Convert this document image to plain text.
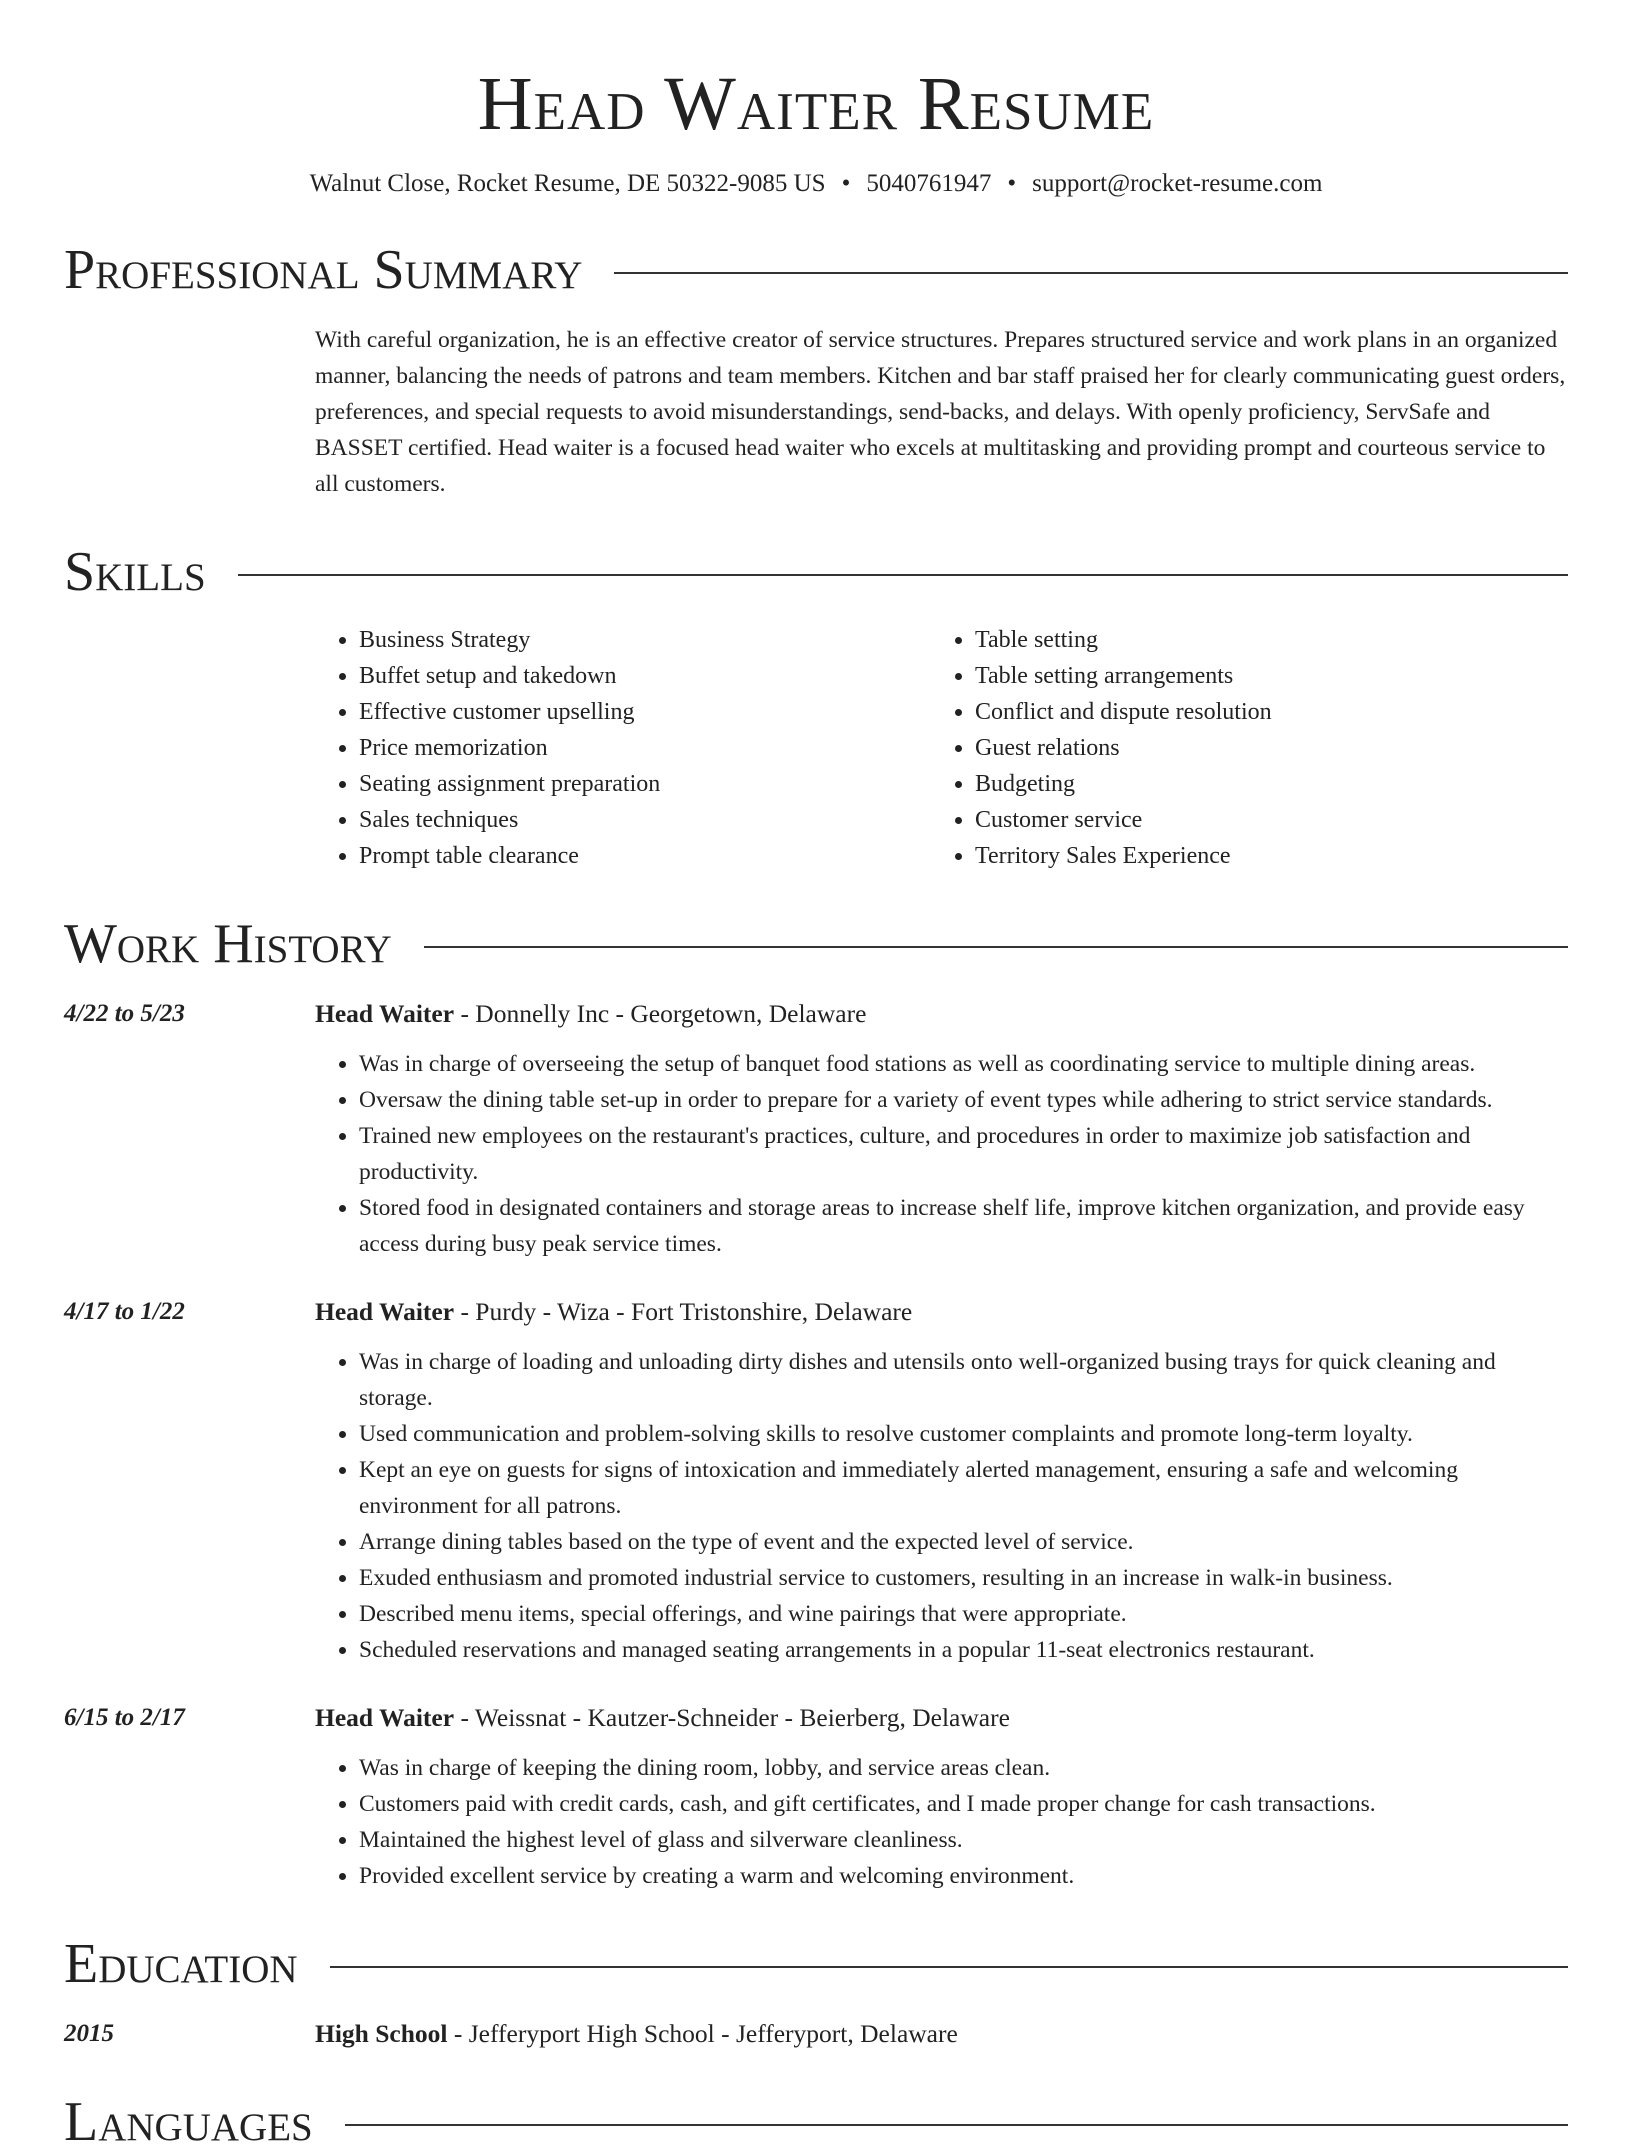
Head Waiter Resume
Walnut Close, Rocket Resume, DE 50322-9085 US • 5040761947 • support@rocket-resume.com
Professional Summary

With careful organization, he is an effective creator of service structures. Prepares structured service and work plans in an organized manner, balancing the needs of patrons and team members. Kitchen and bar staff praised her for clearly communicating guest orders, preferences, and special requests to avoid misunderstandings, send-backs, and delays. With openly proficiency, ServSafe and BASSET certified. Head waiter is a focused head waiter who excels at multitasking and providing prompt and courteous service to all customers.

Skills
• Business Strategy
• Buffet setup and takedown
• Effective customer upselling
• Price memorization
• Seating assignment preparation
• Sales techniques
• Prompt table clearance
• Table setting
• Table setting arrangements
• Conflict and dispute resolution
• Guest relations
• Budgeting
• Customer service
• Territory Sales Experience
Work History
4/22 to 5/23	Head Waiter - Donnelly Inc - Georgetown, Delaware
• Was in charge of overseeing the setup of banquet food stations as well as coordinating service to multiple dining areas.
• Oversaw the dining table set-up in order to prepare for a variety of event types while adhering to strict service standards.
• Trained new employees on the restaurant's practices, culture, and procedures in order to maximize job satisfaction and productivity.
• Stored food in designated containers and storage areas to increase shelf life, improve kitchen organization, and provide easy access during busy peak service times.
4/17 to 1/22	Head Waiter - Purdy - Wiza - Fort Tristonshire, Delaware
• Was in charge of loading and unloading dirty dishes and utensils onto well-organized busing trays for quick cleaning and storage.
• Used communication and problem-solving skills to resolve customer complaints and promote long-term loyalty.
• Kept an eye on guests for signs of intoxication and immediately alerted management, ensuring a safe and welcoming environment for all patrons.
• Arrange dining tables based on the type of event and the expected level of service.
• Exuded enthusiasm and promoted industrial service to customers, resulting in an increase in walk-in business.
• Described menu items, special offerings, and wine pairings that were appropriate.
• Scheduled reservations and managed seating arrangements in a popular 11-seat electronics restaurant.
6/15 to 2/17	Head Waiter - Weissnat - Kautzer-Schneider - Beierberg, Delaware
• Was in charge of keeping the dining room, lobby, and service areas clean.
• Customers paid with credit cards, cash, and gift certificates, and I made proper change for cash transactions.
• Maintained the highest level of glass and silverware cleanliness.
• Provided excellent service by creating a warm and welcoming environment.
Education
2015	High School - Jefferyport High School - Jefferyport, Delaware
Languages
